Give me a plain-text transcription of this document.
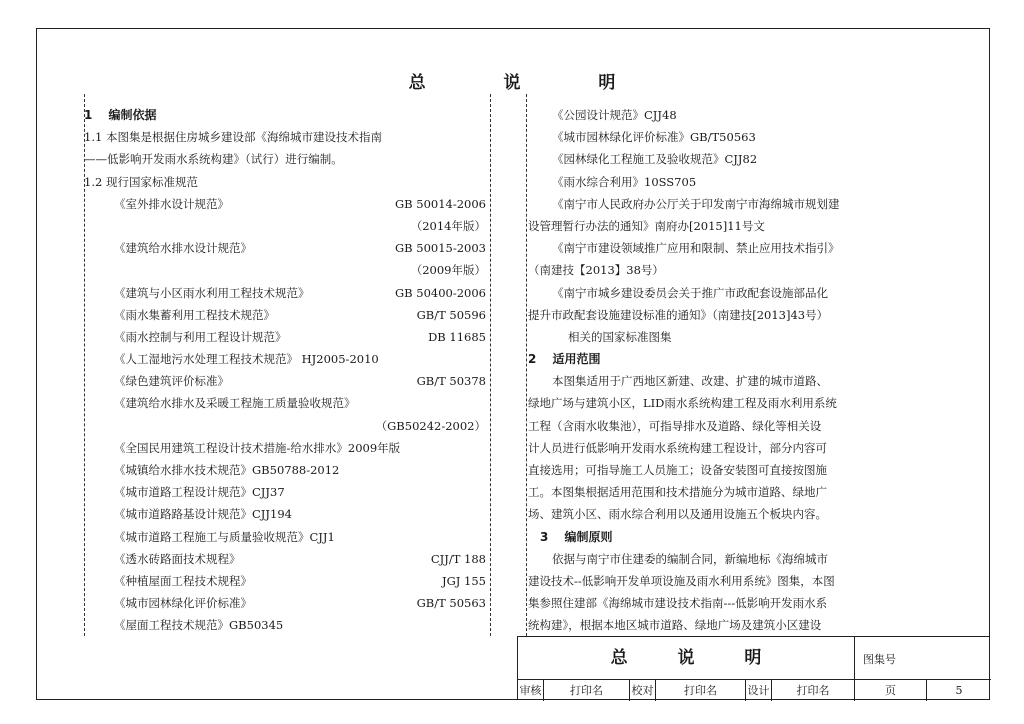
总 说 明
1　 编制依据
1.1 本图集是根据住房城乡建设部《海绵城市建设技术指南
——低影响开发雨水系统构建》（试行）进行编制。
1.2 现行国家标准规范
《室外排水设计规范》	GB 50014-2006
（2014年版）
《建筑给水排水设计规范》	GB 50015-2003
（2009年版）
《建筑与小区雨水利用工程技术规范》	GB 50400-2006
《雨水集蓄利用工程技术规范》	GB/T 50596
《雨水控制与利用工程设计规范》	DB 11685
《人工湿地污水处理工程技术规范》 HJ2005-2010
《绿色建筑评价标准》	GB/T 50378
《建筑给水排水及采暖工程施工质量验收规范》
（GB50242-2002）
《全国民用建筑工程设计技术措施-给水排水》2009年版
《城镇给水排水技术规范》GB50788-2012
《城市道路工程设计规范》CJJ37
《城市道路路基设计规范》CJJ194
《城市道路工程施工与质量验收规范》CJJ1
《透水砖路面技术规程》	CJJ/T 188
《种植屋面工程技术规程》	JGJ 155
《城市园林绿化评价标准》	GB/T 50563
《屋面工程技术规范》GB50345
《公园设计规范》CJJ48
《城市园林绿化评价标准》GB/T50563
《园林绿化工程施工及验收规范》CJJ82
《雨水综合利用》10SS705
《南宁市人民政府办公厅关于印发南宁市海绵城市规划建
设管理暂行办法的通知》南府办[2015]11号文
《南宁市建设领域推广应用和限制、禁止应用技术指引》
（南建技【2013】38号）
《南宁市城乡建设委员会关于推广市政配套设施部品化
提升市政配套设施建设标准的通知》（南建技[2013]43号）
相关的国家标准图集
2　 适用范围
本图集适用于广西地区新建、改建、扩建的城市道路、
绿地广场与建筑小区，LID雨水系统构建工程及雨水利用系统
工程（含雨水收集池），可指导排水及道路、绿化等相关设
计人员进行低影响开发雨水系统构建工程设计，部分内容可
直接选用；可指导施工人员施工；设备安装图可直接按图施
工。本图集根据适用范围和技术措施分为城市道路、绿地广
场、建筑小区、雨水综合利用以及通用设施五个板块内容。
3　 编制原则
依据与南宁市住建委的编制合同，新编地标《海绵城市
建设技术--低影响开发单项设施及雨水利用系统》图集，本图
集参照住建部《海绵城市建设技术指南---低影响开发雨水系
统构建》，根据本地区城市道路、绿地广场及建筑小区建设
总 说 明	图集号
审核	打印名	校对	打印名	设计	打印名	页	5
